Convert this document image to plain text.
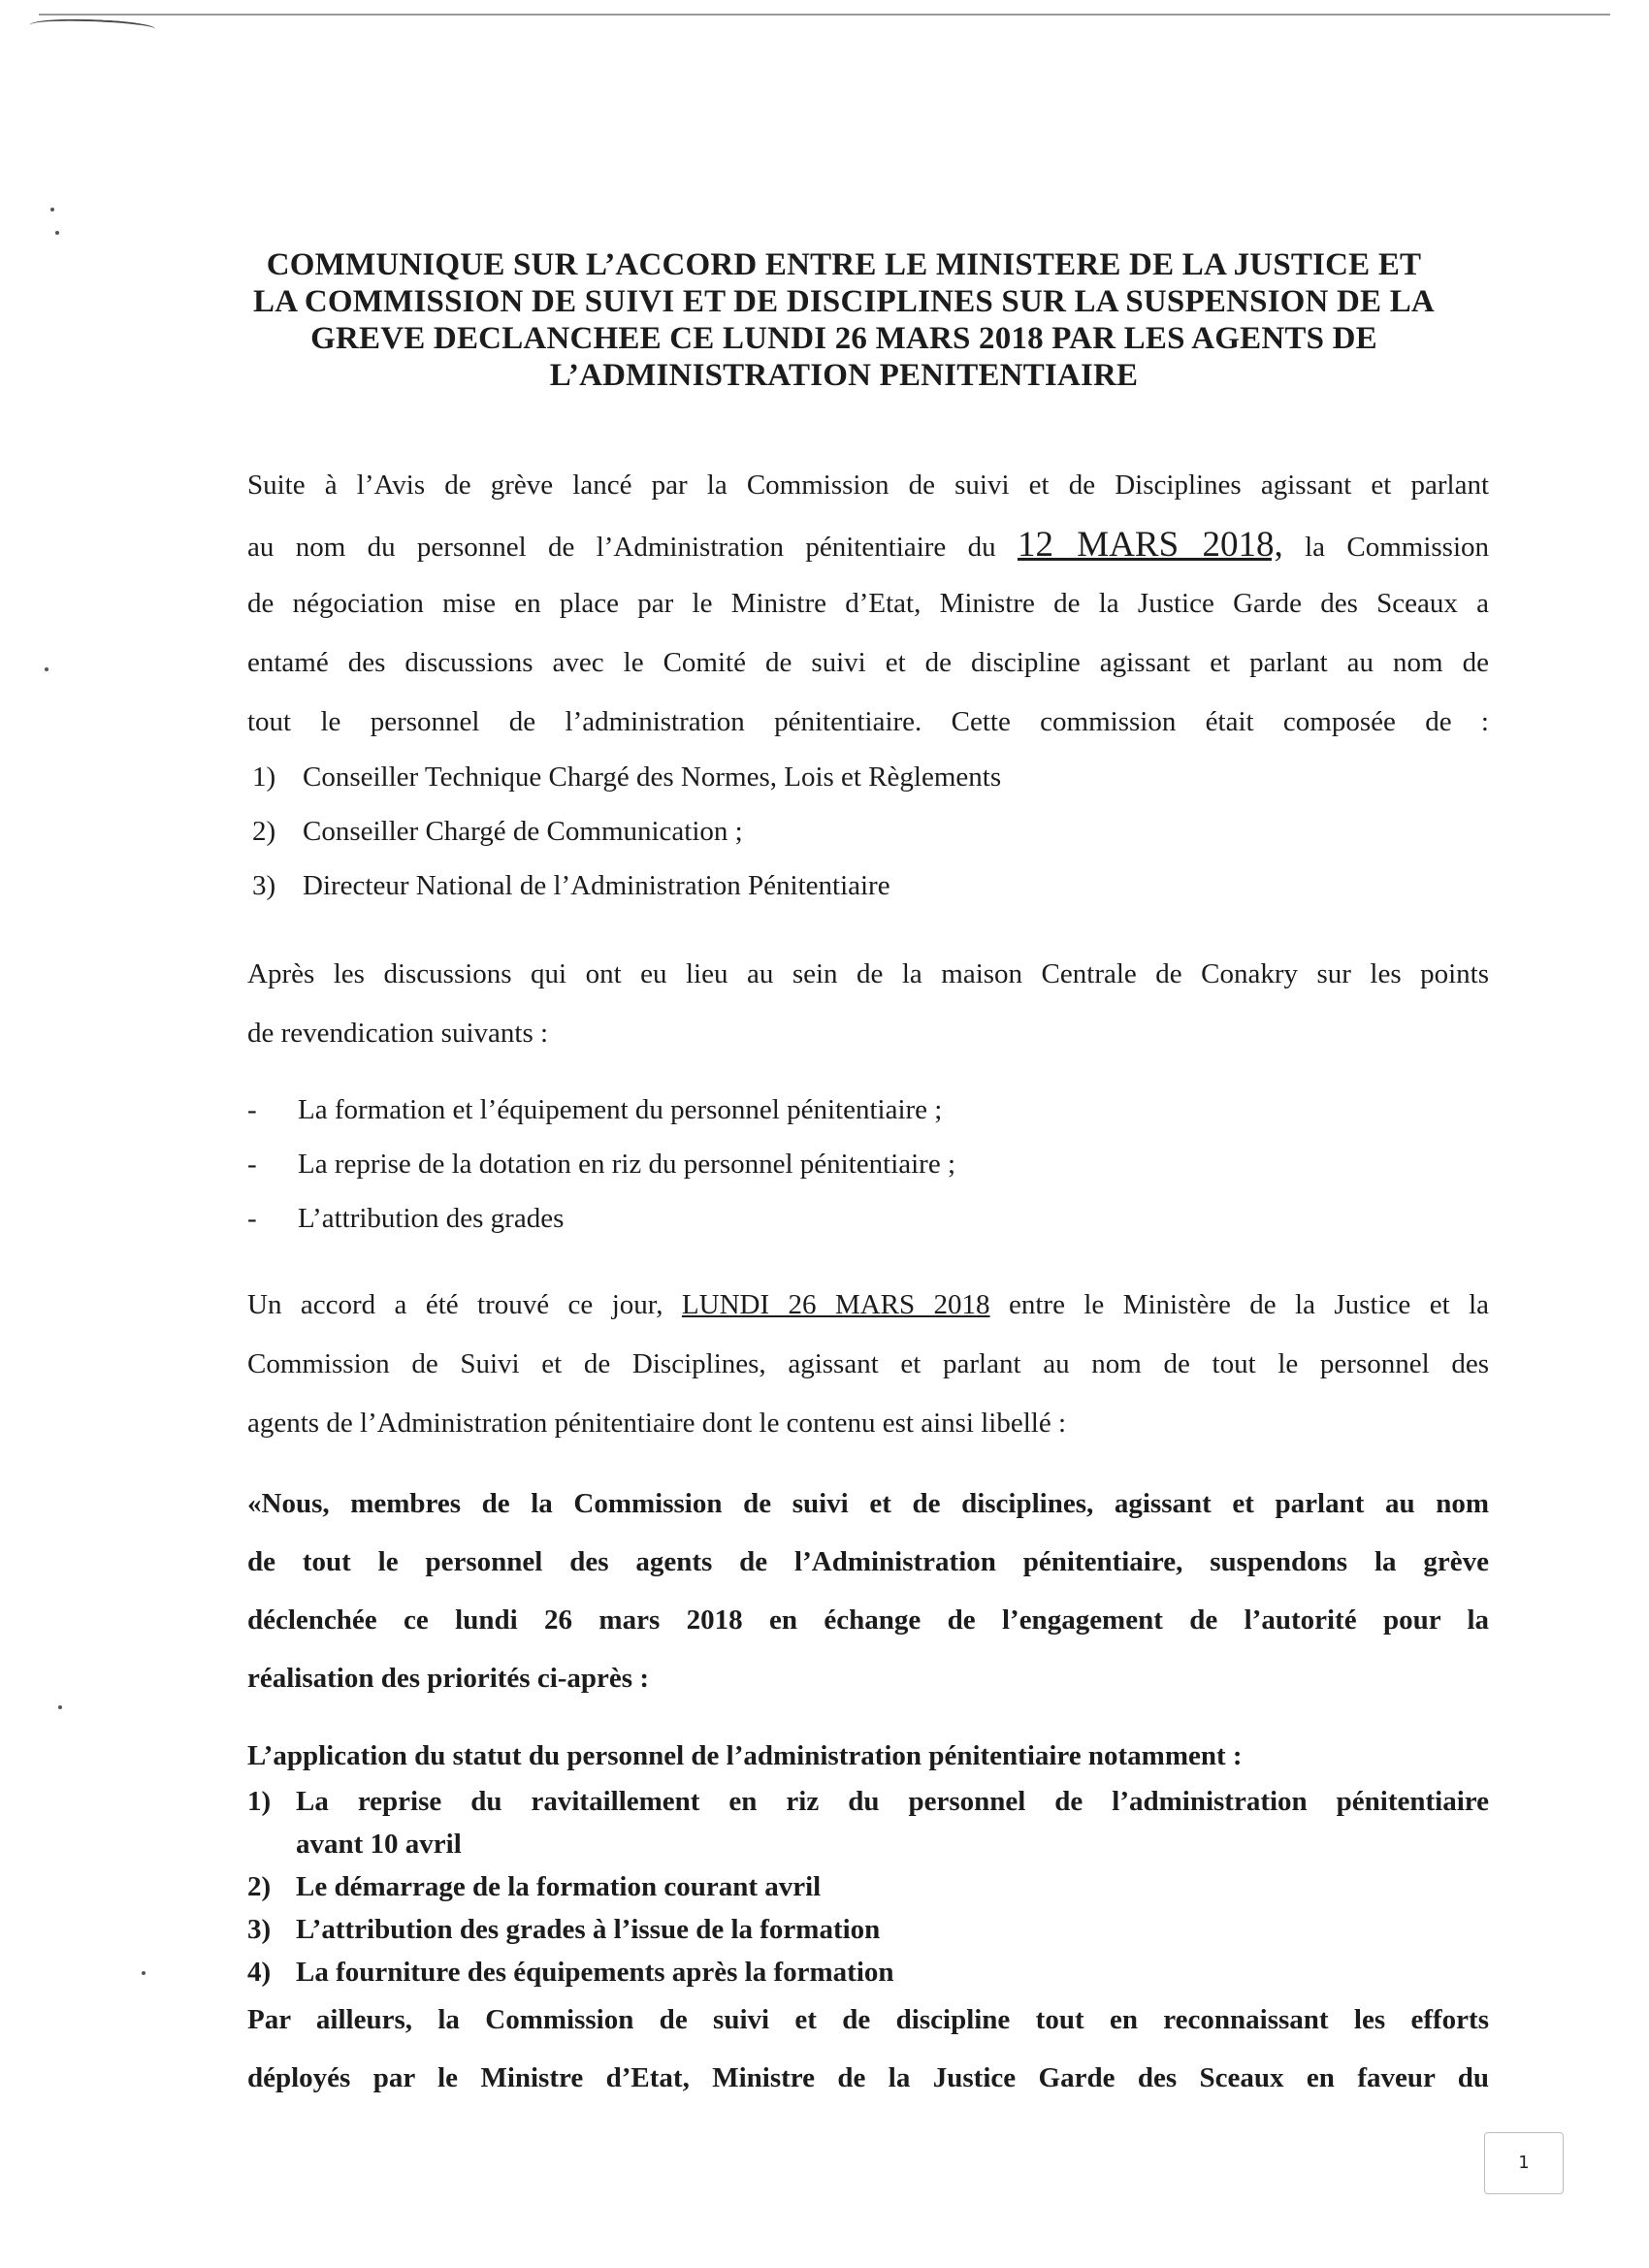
COMMUNIQUE SUR L’ACCORD ENTRE LE MINISTERE DE LA JUSTICE ET
LA COMMISSION DE SUIVI ET DE DISCIPLINES SUR LA SUSPENSION DE LA
GREVE DECLANCHEE CE LUNDI 26 MARS 2018 PAR LES AGENTS DE
L’ADMINISTRATION PENITENTIAIRE
Suite à l’Avis de grève lancé par la Commission de suivi et de Disciplines agissant et parlant
au nom du personnel de l’Administration pénitentiaire du 12 MARS 2018, la Commission
de négociation mise en place par le Ministre d’Etat, Ministre de la Justice Garde des Sceaux a
entamé des discussions avec le Comité de suivi et de discipline agissant et parlant au nom de
tout le personnel de l’administration pénitentiaire. Cette commission était composée de :
1) Conseiller Technique Chargé des Normes, Lois et Règlements
2) Conseiller Chargé de Communication ;
3) Directeur National de l’Administration Pénitentiaire
Après les discussions qui ont eu lieu au sein de la maison Centrale de Conakry sur les points
de revendication suivants :
- La formation et l’équipement du personnel pénitentiaire ;
- La reprise de la dotation en riz du personnel pénitentiaire ;
- L’attribution des grades
Un accord a été trouvé ce jour, LUNDI 26 MARS 2018 entre le Ministère de la Justice et la
Commission de Suivi et de Disciplines, agissant et parlant au nom de tout le personnel des
agents de l’Administration pénitentiaire dont le contenu est ainsi libellé :
«Nous, membres de la Commission de suivi et de disciplines, agissant et parlant au nom
de tout le personnel des agents de l’Administration pénitentiaire, suspendons la grève
déclenchée ce lundi 26 mars 2018 en échange de l’engagement de l’autorité pour la
réalisation des priorités ci-après :
L’application du statut du personnel de l’administration pénitentiaire notamment :
1) La reprise du ravitaillement en riz du personnel de l’administration pénitentiaire
avant 10 avril
2) Le démarrage de la formation courant avril
3) L’attribution des grades à l’issue de la formation
4) La fourniture des équipements après la formation
Par ailleurs, la Commission de suivi et de discipline tout en reconnaissant les efforts
déployés par le Ministre d’Etat, Ministre de la Justice Garde des Sceaux en faveur du
1
